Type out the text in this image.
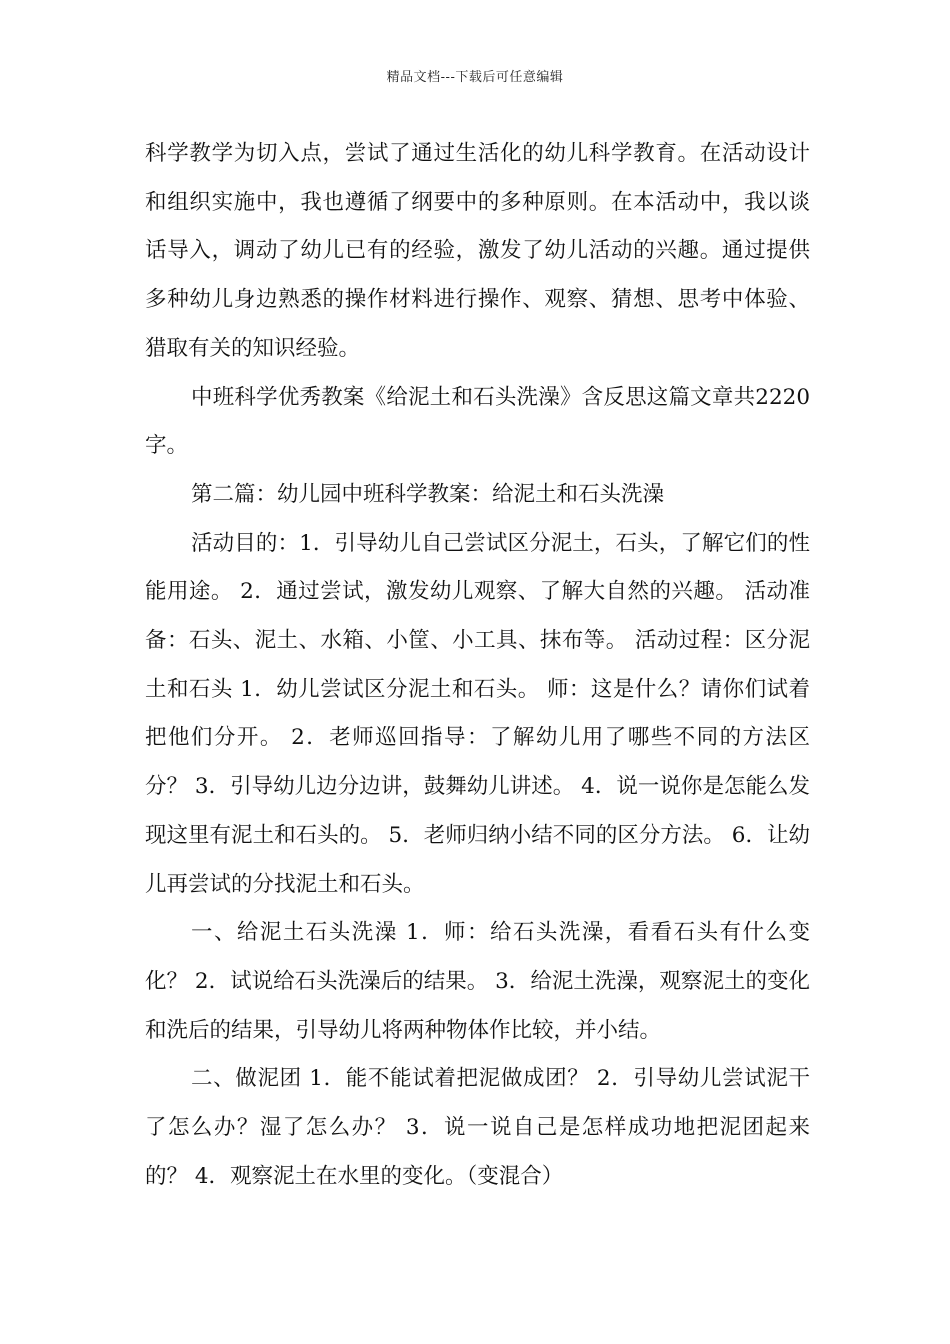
精品文档---下载后可任意编辑

科学教学为切入点，尝试了通过生活化的幼儿科学教育。在活动设计和组织实施中，我也遵循了纲要中的多种原则。在本活动中，我以谈话导入，调动了幼儿已有的经验，激发了幼儿活动的兴趣。通过提供多种幼儿身边熟悉的操作材料进行操作、观察、猜想、思考中体验、猎取有关的知识经验。

中班科学优秀教案《给泥土和石头洗澡》含反思这篇文章共2220字。

第二篇：幼儿园中班科学教案：给泥土和石头洗澡

活动目的：1．引导幼儿自己尝试区分泥土，石头，了解它们的性能用途。 2．通过尝试，激发幼儿观察、了解大自然的兴趣。 活动准备：石头、泥土、水箱、小筐、小工具、抹布等。 活动过程：区分泥土和石头 1．幼儿尝试区分泥土和石头。 师：这是什么？请你们试着把他们分开。 2．老师巡回指导：了解幼儿用了哪些不同的方法区分？ 3．引导幼儿边分边讲，鼓舞幼儿讲述。 4．说一说你是怎能么发现这里有泥土和石头的。 5．老师归纳小结不同的区分方法。 6．让幼儿再尝试的分找泥土和石头。

一、给泥土石头洗澡 1．师：给石头洗澡，看看石头有什么变化？ 2．试说给石头洗澡后的结果。 3．给泥土洗澡，观察泥土的变化和洗后的结果，引导幼儿将两种物体作比较，并小结。

二、做泥团 1．能不能试着把泥做成团？ 2．引导幼儿尝试泥干了怎么办？湿了怎么办？ 3．说一说自己是怎样成功地把泥团起来的？ 4．观察泥土在水里的变化。（变混合）
